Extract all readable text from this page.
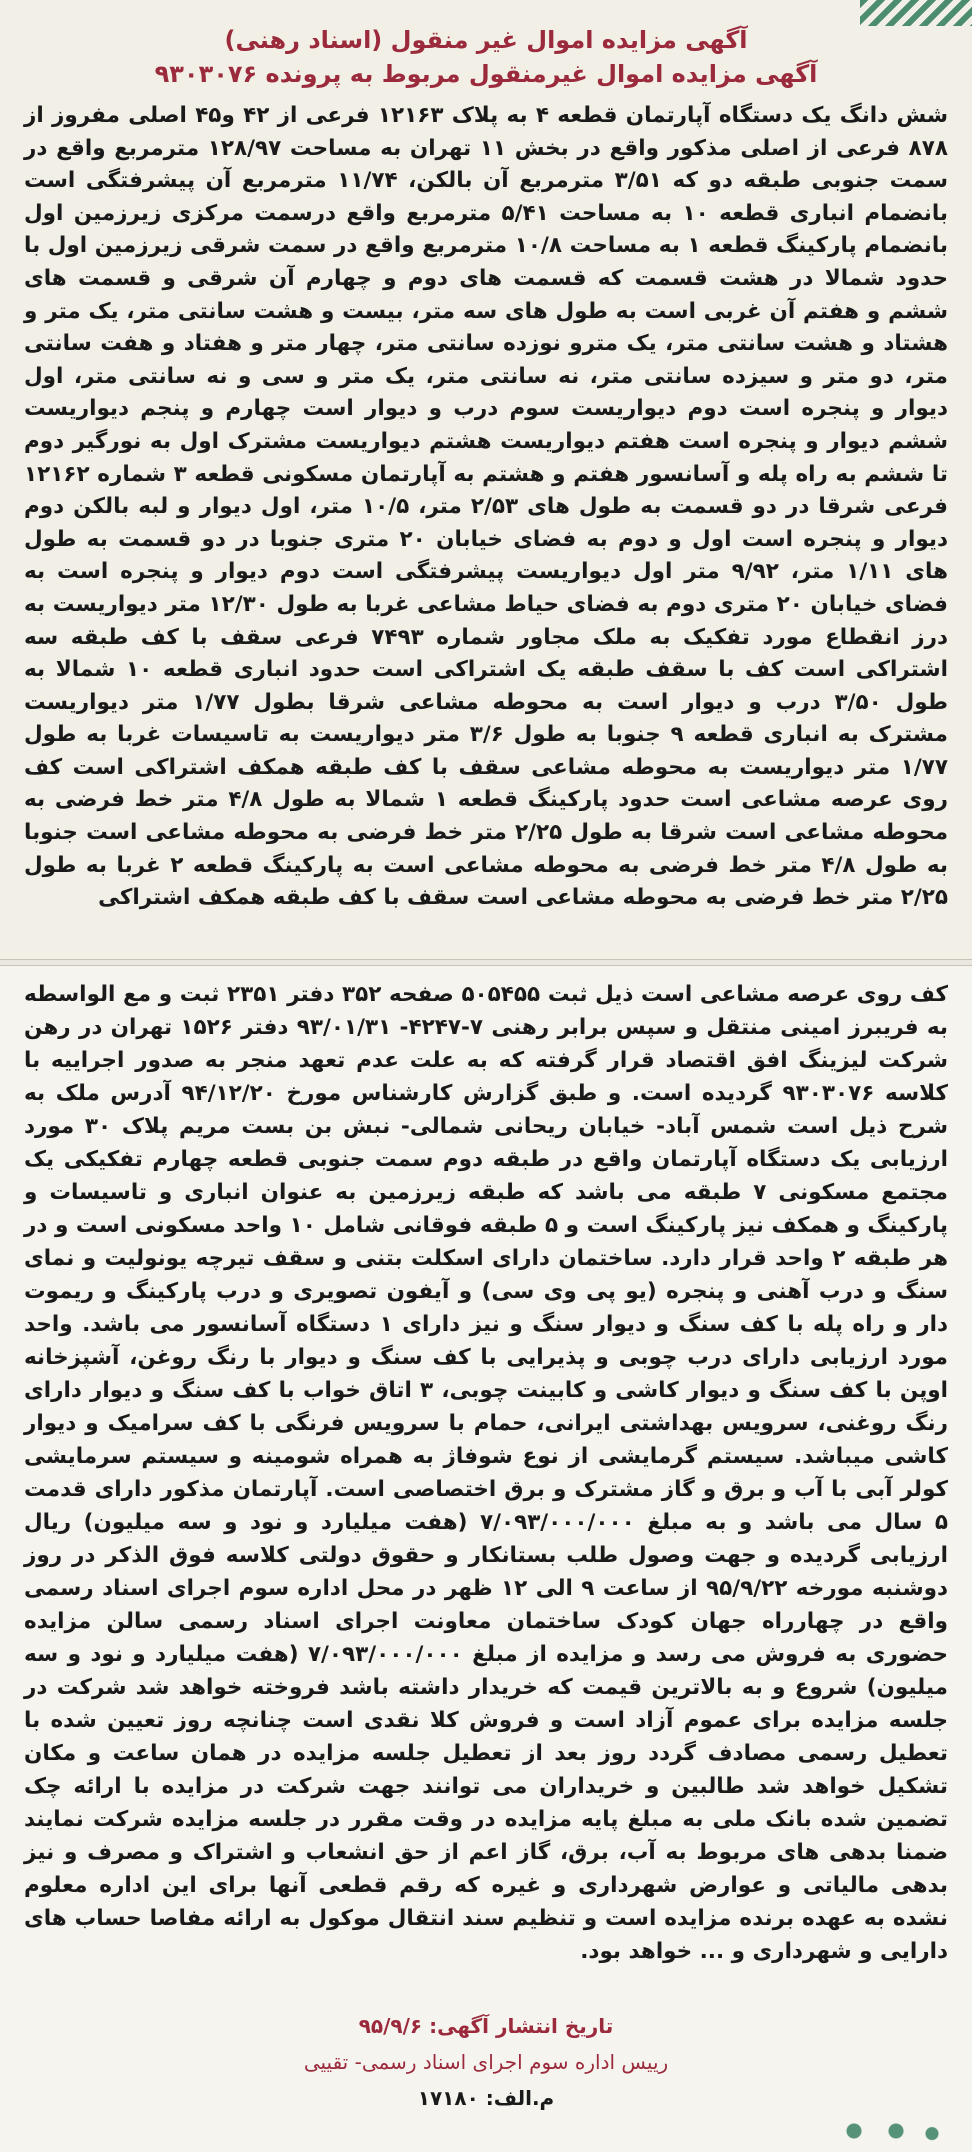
آگهی مزایده اموال غیر منقول (اسناد رهنی)
آگهی مزایده اموال غیرمنقول مربوط به پرونده ۹۳۰۳۰۷۶
شش دانگ یک دستگاه آپارتمان قطعه ۴ به پلاک ۱۲۱۶۳ فرعی از ۴۲ و۴۵ اصلی مفروز از ۸۷۸ فرعی از اصلی مذکور واقع در بخش ۱۱ تهران به مساحت ۱۲۸/۹۷ مترمربع واقع در سمت جنوبی طبقه دو که ۳/۵۱ مترمربع آن بالکن، ۱۱/۷۴ مترمربع آن پیشرفتگی است بانضمام انباری قطعه ۱۰ به مساحت ۵/۴۱ مترمربع واقع درسمت مرکزی زیرزمین اول بانضمام پارکینگ قطعه ۱ به مساحت ۱۰/۸ مترمربع واقع در سمت شرقی زیرزمین اول با حدود شمالا در هشت قسمت که قسمت های دوم و چهارم آن شرقی و قسمت های ششم و هفتم آن غربی است به طول های سه متر، بیست و هشت سانتی متر، یک متر و هشتاد و هشت سانتی متر، یک مترو نوزده سانتی متر، چهار متر و هفتاد و هفت سانتی متر، دو متر و سیزده سانتی متر، نه سانتی متر، یک متر و سی و نه سانتی متر، اول دیوار و پنجره است دوم دیواریست سوم درب و دیوار است چهارم و پنجم دیواریست ششم دیوار و پنجره است هفتم دیواریست هشتم دیواریست مشترک اول به نورگیر دوم تا ششم به راه پله و آسانسور هفتم و هشتم به آپارتمان مسکونی قطعه ۳ شماره ۱۲۱۶۲ فرعی شرقا در دو قسمت به طول های ۲/۵۳ متر، ۱۰/۵ متر، اول دیوار و لبه بالکن دوم دیوار و پنجره است اول و دوم به فضای خیابان ۲۰ متری جنوبا در دو قسمت به طول های ۱/۱۱ متر، ۹/۹۲ متر اول دیواریست پیشرفتگی است دوم دیوار و پنجره است به فضای خیابان ۲۰ متری دوم به فضای حیاط مشاعی غربا به طول ۱۲/۳۰ متر دیواریست به درز انقطاع مورد تفکیک به ملک مجاور شماره ۷۴۹۳ فرعی سقف با کف طبقه سه اشتراکی است کف با سقف طبقه یک اشتراکی است حدود انباری قطعه ۱۰ شمالا به طول ۳/۵۰ درب و دیوار است به محوطه مشاعی شرقا بطول ۱/۷۷ متر دیواریست مشترک به انباری قطعه ۹ جنوبا به طول ۳/۶ متر دیواریست به تاسیسات غربا به طول ۱/۷۷ متر دیواریست به محوطه مشاعی سقف با کف طبقه همکف اشتراکی است کف روی عرصه مشاعی است حدود پارکینگ قطعه ۱ شمالا به طول ۴/۸ متر خط فرضی به محوطه مشاعی است شرقا به طول ۲/۲۵ متر خط فرضی به محوطه مشاعی است جنوبا به طول ۴/۸ متر خط فرضی به محوطه مشاعی است به پارکینگ قطعه ۲ غربا به طول ۲/۲۵ متر خط فرضی به محوطه مشاعی است سقف با کف طبقه همکف اشتراکی
کف روی عرصه مشاعی است ذیل ثبت ۵۰۵۴۵۵ صفحه ۳۵۲ دفتر ۲۳۵۱ ثبت و مع الواسطه به فریبرز امینی منتقل و سپس برابر رهنی ۷-۴۲۴۷- ۹۳/۰۱/۳۱ دفتر ۱۵۲۶ تهران در رهن شرکت لیزینگ افق اقتصاد قرار گرفته که به علت عدم تعهد منجر به صدور اجراییه با کلاسه ۹۳۰۳۰۷۶ گردیده است. و طبق گزارش کارشناس مورخ ۹۴/۱۲/۲۰ آدرس ملک به شرح ذیل است شمس آباد- خیابان ریحانی شمالی- نبش بن بست مریم پلاک ۳۰ مورد ارزیابی یک دستگاه آپارتمان واقع در طبقه دوم سمت جنوبی قطعه چهارم تفکیکی یک مجتمع مسکونی ۷ طبقه می باشد که طبقه زیرزمین به عنوان انباری و تاسیسات و پارکینگ و همکف نیز پارکینگ است و ۵ طبقه فوقانی شامل ۱۰ واحد مسکونی است و در هر طبقه ۲ واحد قرار دارد. ساختمان دارای اسکلت بتنی و سقف تیرچه یونولیت و نمای سنگ و درب آهنی و پنجره (یو پی وی سی) و آیفون تصویری و درب پارکینگ و ریموت دار و راه پله با کف سنگ و دیوار سنگ و نیز دارای ۱ دستگاه آسانسور می باشد. واحد مورد ارزیابی دارای درب چوبی و پذیرایی با کف سنگ و دیوار با رنگ روغن، آشپزخانه اوپن با کف سنگ و دیوار کاشی و کابینت چوبی، ۳ اتاق خواب با کف سنگ و دیوار دارای رنگ روغنی، سرویس بهداشتی ایرانی، حمام با سرویس فرنگی با کف سرامیک و دیوار کاشی میباشد. سیستم گرمایشی از نوع شوفاژ به همراه شومینه و سیستم سرمایشی کولر آبی با آب و برق و گاز مشترک و برق اختصاصی است. آپارتمان مذکور دارای قدمت ۵ سال می باشد و به مبلغ ۷/۰۹۳/۰۰۰/۰۰۰ (هفت میلیارد و نود و سه میلیون) ریال ارزیابی گردیده و جهت وصول طلب بستانکار و حقوق دولتی کلاسه فوق الذکر در روز دوشنبه مورخه ۹۵/۹/۲۲ از ساعت ۹ الی ۱۲ ظهر در محل اداره سوم اجرای اسناد رسمی واقع در چهارراه جهان کودک ساختمان معاونت اجرای اسناد رسمی سالن مزایده حضوری به فروش می رسد و مزایده از مبلغ ۷/۰۹۳/۰۰۰/۰۰۰ (هفت میلیارد و نود و سه میلیون) شروع و به بالاترین قیمت که خریدار داشته باشد فروخته خواهد شد شرکت در جلسه مزایده برای عموم آزاد است و فروش کلا نقدی است چنانچه روز تعیین شده با تعطیل رسمی مصادف گردد روز بعد از تعطیل جلسه مزایده در همان ساعت و مکان تشکیل خواهد شد طالبین و خریداران می توانند جهت شرکت در مزایده با ارائه چک تضمین شده بانک ملی به مبلغ پایه مزایده در وقت مقرر در جلسه مزایده شرکت نمایند ضمنا بدهی های مربوط به آب، برق، گاز اعم از حق انشعاب و اشتراک و مصرف و نیز بدهی مالیاتی و عوارض شهرداری و غیره که رقم قطعی آنها برای این اداره معلوم نشده به عهده برنده مزایده است و تنظیم سند انتقال موکول به ارائه مفاصا حساب های دارایی و شهرداری و ... خواهد بود.
تاریخ انتشار آگهی: ۹۵/۹/۶
رییس اداره سوم اجرای اسناد رسمی- تقییی
م.الف: ۱۷۱۸۰
